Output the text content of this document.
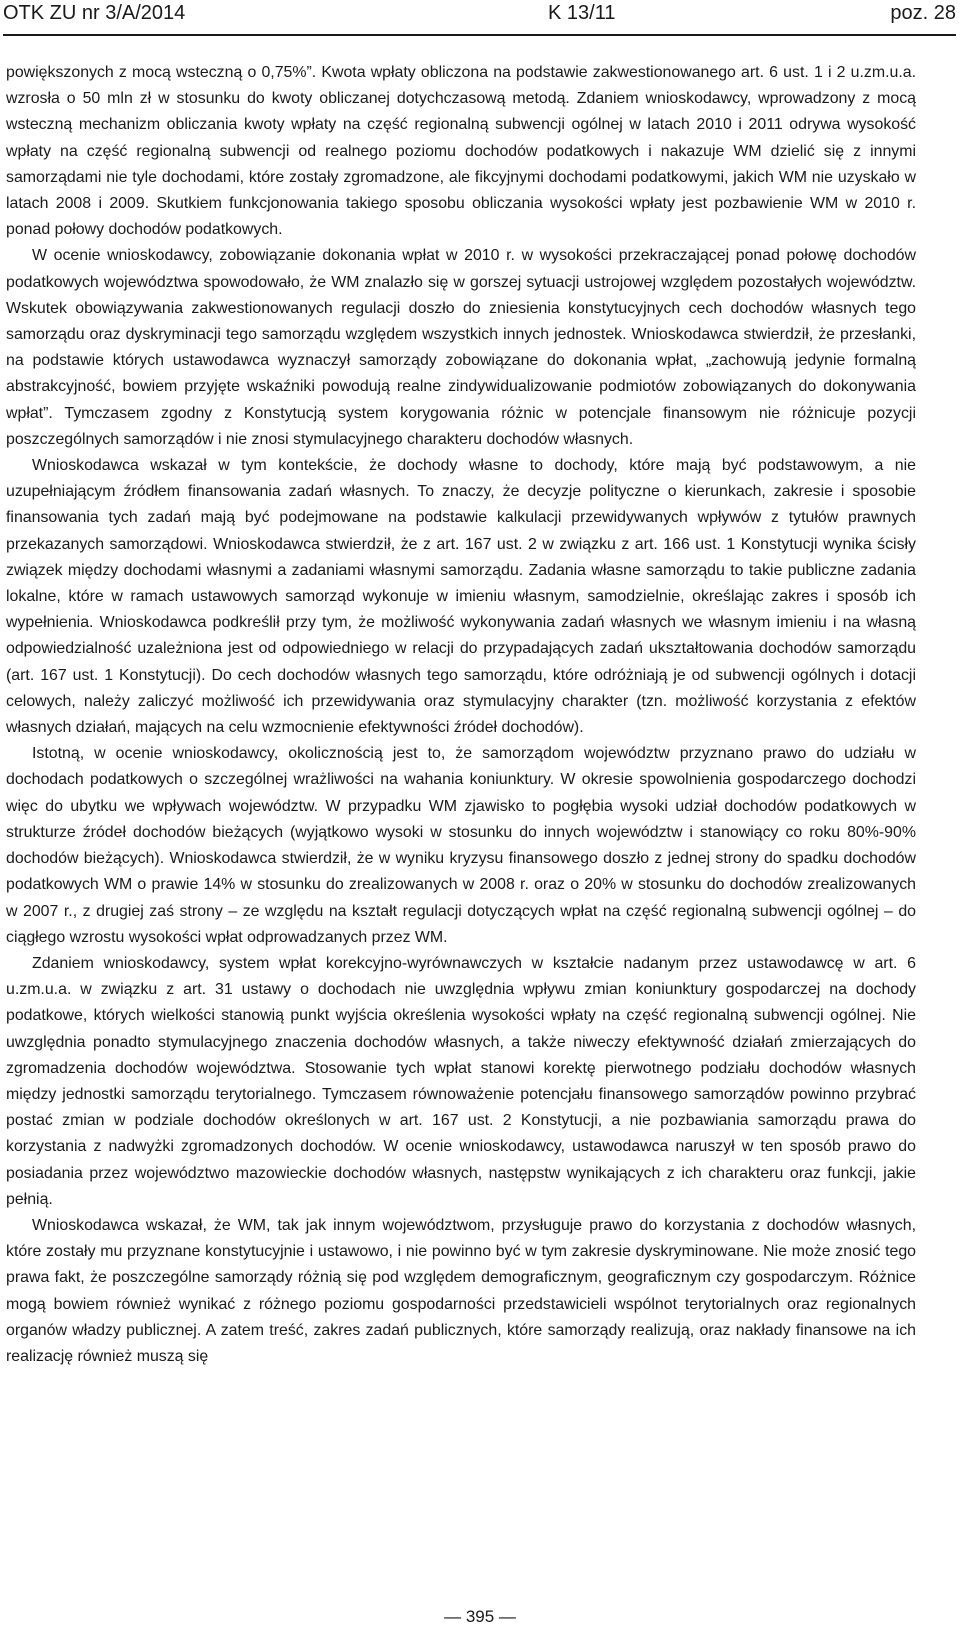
OTK ZU nr 3/A/2014	K 13/11	poz. 28

powiększonych z mocą wsteczną o 0,75%”. Kwota wpłaty obliczona na podstawie zakwestionowanego art. 6 ust. 1 i 2 u.zm.u.a. wzrosła o 50 mln zł w stosunku do kwoty obliczanej dotychczasową metodą. Zdaniem wnioskodawcy, wprowadzony z mocą wsteczną mechanizm obliczania kwoty wpłaty na część regionalną subwencji ogólnej w latach 2010 i 2011 odrywa wysokość wpłaty na część regionalną subwencji od realnego poziomu dochodów podatkowych i nakazuje WM dzielić się z innymi samorządami nie tyle dochodami, które zostały zgromadzone, ale fikcyjnymi dochodami podatkowymi, jakich WM nie uzyskało w latach 2008 i 2009. Skutkiem funkcjonowania takiego sposobu obliczania wysokości wpłaty jest pozbawienie WM w 2010 r. ponad połowy dochodów podatkowych.

W ocenie wnioskodawcy, zobowiązanie dokonania wpłat w 2010 r. w wysokości przekraczającej ponad połowę dochodów podatkowych województwa spowodowało, że WM znalazło się w gorszej sytuacji ustrojowej względem pozostałych województw. Wskutek obowiązywania zakwestionowanych regulacji doszło do zniesienia konstytucyjnych cech dochodów własnych tego samorządu oraz dyskryminacji tego samorządu względem wszystkich innych jednostek. Wnioskodawca stwierdził, że przesłanki, na podstawie których ustawodawca wyznaczył samorządy zobowiązane do dokonania wpłat, „zachowują jedynie formalną abstrakcyjność, bowiem przyjęte wskaźniki powodują realne zindywidualizowanie podmiotów zobowiązanych do dokonywania wpłat”. Tymczasem zgodny z Konstytucją system korygowania różnic w potencjale finansowym nie różnicuje pozycji poszczególnych samorządów i nie znosi stymulacyjnego charakteru dochodów własnych.

Wnioskodawca wskazał w tym kontekście, że dochody własne to dochody, które mają być podstawowym, a nie uzupełniającym źródłem finansowania zadań własnych. To znaczy, że decyzje polityczne o kierunkach, zakresie i sposobie finansowania tych zadań mają być podejmowane na podstawie kalkulacji przewidywanych wpływów z tytułów prawnych przekazanych samorządowi. Wnioskodawca stwierdził, że z art. 167 ust. 2 w związku z art. 166 ust. 1 Konstytucji wynika ścisły związek między dochodami własnymi a zadaniami własnymi samorządu. Zadania własne samorządu to takie publiczne zadania lokalne, które w ramach ustawowych samorząd wykonuje w imieniu własnym, samodzielnie, określając zakres i sposób ich wypełnienia. Wnioskodawca podkreślił przy tym, że możliwość wykonywania zadań własnych we własnym imieniu i na własną odpowiedzialność uzależniona jest od odpowiedniego w relacji do przypadających zadań ukształtowania dochodów samorządu (art. 167 ust. 1 Konstytucji). Do cech dochodów własnych tego samorządu, które odróżniają je od subwencji ogólnych i dotacji celowych, należy zaliczyć możliwość ich przewidywania oraz stymulacyjny charakter (tzn. możliwość korzystania z efektów własnych działań, mających na celu wzmocnienie efektywności źródeł dochodów).

Istotną, w ocenie wnioskodawcy, okolicznością jest to, że samorządom województw przyznano prawo do udziału w dochodach podatkowych o szczególnej wrażliwości na wahania koniunktury. W okresie spowolnienia gospodarczego dochodzi więc do ubytku we wpływach województw. W przypadku WM zjawisko to pogłębia wysoki udział dochodów podatkowych w strukturze źródeł dochodów bieżących (wyjątkowo wysoki w stosunku do innych województw i stanowiący co roku 80%-90% dochodów bieżących). Wnioskodawca stwierdził, że w wyniku kryzysu finansowego doszło z jednej strony do spadku dochodów podatkowych WM o prawie 14% w stosunku do zrealizowanych w 2008 r. oraz o 20% w stosunku do dochodów zrealizowanych w 2007 r., z drugiej zaś strony – ze względu na kształt regulacji dotyczących wpłat na część regionalną subwencji ogólnej – do ciągłego wzrostu wysokości wpłat odprowadzanych przez WM.

Zdaniem wnioskodawcy, system wpłat korekcyjno-wyrównawczych w kształcie nadanym przez ustawodawcę w art. 6 u.zm.u.a. w związku z art. 31 ustawy o dochodach nie uwzględnia wpływu zmian koniunktury gospodarczej na dochody podatkowe, których wielkości stanowią punkt wyjścia określenia wysokości wpłaty na część regionalną subwencji ogólnej. Nie uwzględnia ponadto stymulacyjnego znaczenia dochodów własnych, a także niweczy efektywność działań zmierzających do zgromadzenia dochodów województwa. Stosowanie tych wpłat stanowi korektę pierwotnego podziału dochodów własnych między jednostki samorządu terytorialnego. Tymczasem równoważenie potencjału finansowego samorządów powinno przybrać postać zmian w podziale dochodów określonych w art. 167 ust. 2 Konstytucji, a nie pozbawiania samorządu prawa do korzystania z nadwyżki zgromadzonych dochodów. W ocenie wnioskodawcy, ustawodawca naruszył w ten sposób prawo do posiadania przez województwo mazowieckie dochodów własnych, następstw wynikających z ich charakteru oraz funkcji, jakie pełnią.

Wnioskodawca wskazał, że WM, tak jak innym województwom, przysługuje prawo do korzystania z dochodów własnych, które zostały mu przyznane konstytucyjnie i ustawowo, i nie powinno być w tym zakresie dyskryminowane. Nie może znosić tego prawa fakt, że poszczególne samorządy różnią się pod względem demograficznym, geograficznym czy gospodarczym. Różnice mogą bowiem również wynikać z różnego poziomu gospodarności przedstawicieli wspólnot terytorialnych oraz regionalnych organów władzy publicznej. A zatem treść, zakres zadań publicznych, które samorządy realizują, oraz nakłady finansowe na ich realizację również muszą się

— 395 —
